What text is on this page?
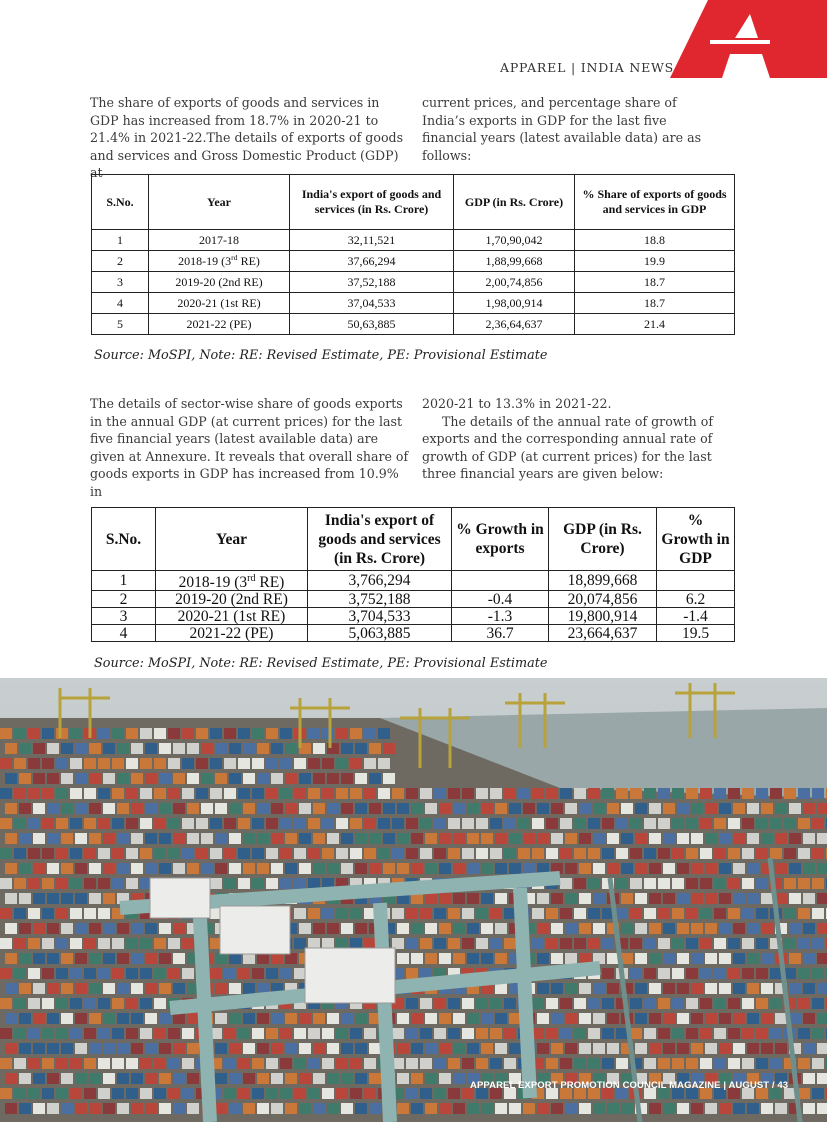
APPAREL | INDIA NEWS

The share of exports of goods and services in GDP has increased from 18.7% in 2020-21 to 21.4% in 2021-22.The details of exports of goods and services and Gross Domestic Product (GDP) at

current prices, and percentage share of India’s exports in GDP for the last five financial years (latest available data) are as follows:

S.No.	Year	India's export of goods and services (in Rs. Crore)	GDP (in Rs. Crore)	% Share of exports of goods and services in GDP
1	2017-18	32,11,521	1,70,90,042	18.8
2	2018-19 (3rd RE)	37,66,294	1,88,99,668	19.9
3	2019-20 (2nd RE)	37,52,188	2,00,74,856	18.7
4	2020-21 (1st RE)	37,04,533	1,98,00,914	18.7
5	2021-22 (PE)	50,63,885	2,36,64,637	21.4
Source: MoSPI, Note: RE: Revised Estimate, PE: Provisional Estimate

The details of sector-wise share of goods exports in the annual GDP (at current prices) for the last five financial years (latest available data) are given at Annexure. It reveals that overall share of goods exports in GDP has increased from 10.9% in

2020-21 to 13.3% in 2021-22.

The details of the annual rate of growth of exports and the corresponding annual rate of growth of GDP (at current prices) for the last three financial years are given below:

S.No.	Year	India's export of goods and services (in Rs. Crore)	% Growth in exports	GDP (in Rs. Crore)	% Growth in GDP
1	2018-19 (3rd RE)	3,766,294		18,899,668	
2	2019-20 (2nd RE)	3,752,188	-0.4	20,074,856	6.2
3	2020-21 (1st RE)	3,704,533	-1.3	19,800,914	-1.4
4	2021-22 (PE)	5,063,885	36.7	23,664,637	19.5
Source: MoSPI, Note: RE: Revised Estimate, PE: Provisional Estimate
APPAREL EXPORT PROMOTION COUNCIL MAGAZINE | AUGUST / 43
